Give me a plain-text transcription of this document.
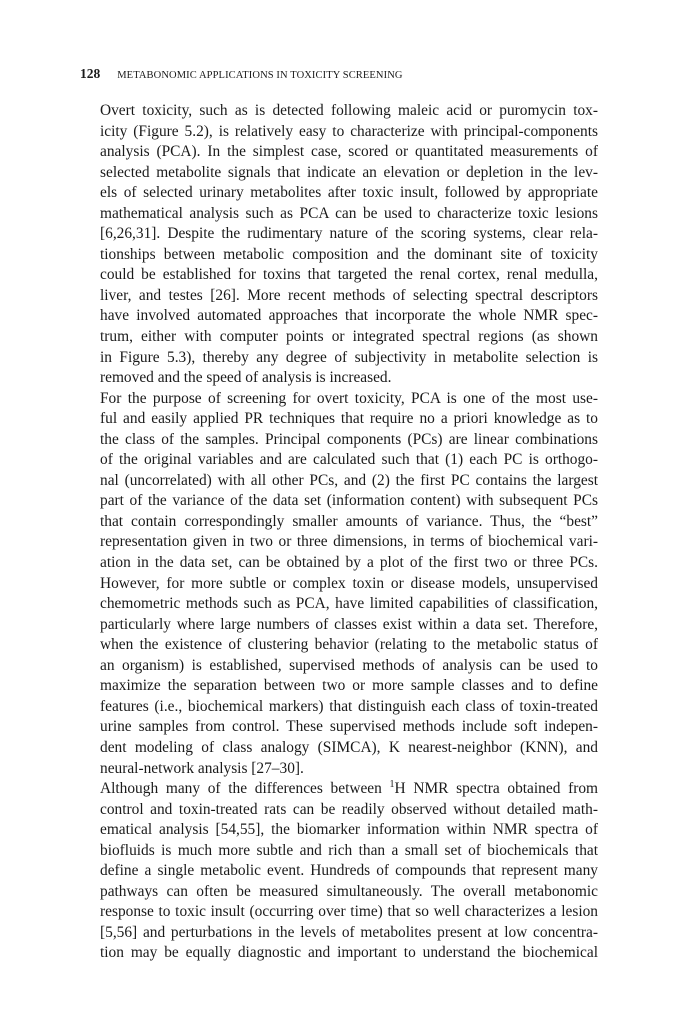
128 METABONOMIC APPLICATIONS IN TOXICITY SCREENING

Overt toxicity, such as is detected following maleic acid or puromycin tox-
icity (Figure 5.2), is relatively easy to characterize with principal-components
analysis (PCA). In the simplest case, scored or quantitated measurements of
selected metabolite signals that indicate an elevation or depletion in the lev-
els of selected urinary metabolites after toxic insult, followed by appropriate
mathematical analysis such as PCA can be used to characterize toxic lesions
[6,26,31]. Despite the rudimentary nature of the scoring systems, clear rela-
tionships between metabolic composition and the dominant site of toxicity
could be established for toxins that targeted the renal cortex, renal medulla,
liver, and testes [26]. More recent methods of selecting spectral descriptors
have involved automated approaches that incorporate the whole NMR spec-
trum, either with computer points or integrated spectral regions (as shown
in Figure 5.3), thereby any degree of subjectivity in metabolite selection is
removed and the speed of analysis is increased.

For the purpose of screening for overt toxicity, PCA is one of the most use-
ful and easily applied PR techniques that require no a priori knowledge as to
the class of the samples. Principal components (PCs) are linear combinations
of the original variables and are calculated such that (1) each PC is orthogo-
nal (uncorrelated) with all other PCs, and (2) the first PC contains the largest
part of the variance of the data set (information content) with subsequent PCs
that contain correspondingly smaller amounts of variance. Thus, the “best”
representation given in two or three dimensions, in terms of biochemical vari-
ation in the data set, can be obtained by a plot of the first two or three PCs.
However, for more subtle or complex toxin or disease models, unsupervised
chemometric methods such as PCA, have limited capabilities of classification,
particularly where large numbers of classes exist within a data set. Therefore,
when the existence of clustering behavior (relating to the metabolic status of
an organism) is established, supervised methods of analysis can be used to
maximize the separation between two or more sample classes and to define
features (i.e., biochemical markers) that distinguish each class of toxin-treated
urine samples from control. These supervised methods include soft indepen-
dent modeling of class analogy (SIMCA), K nearest-neighbor (KNN), and
neural-network analysis [27–30].

Although many of the differences between $^1$H NMR spectra obtained from
control and toxin-treated rats can be readily observed without detailed math-
ematical analysis [54,55], the biomarker information within NMR spectra of
biofluids is much more subtle and rich than a small set of biochemicals that
define a single metabolic event. Hundreds of compounds that represent many
pathways can often be measured simultaneously. The overall metabonomic
response to toxic insult (occurring over time) that so well characterizes a lesion
[5,56] and perturbations in the levels of metabolites present at low concentra-
tion may be equally diagnostic and important to understand the biochemical
